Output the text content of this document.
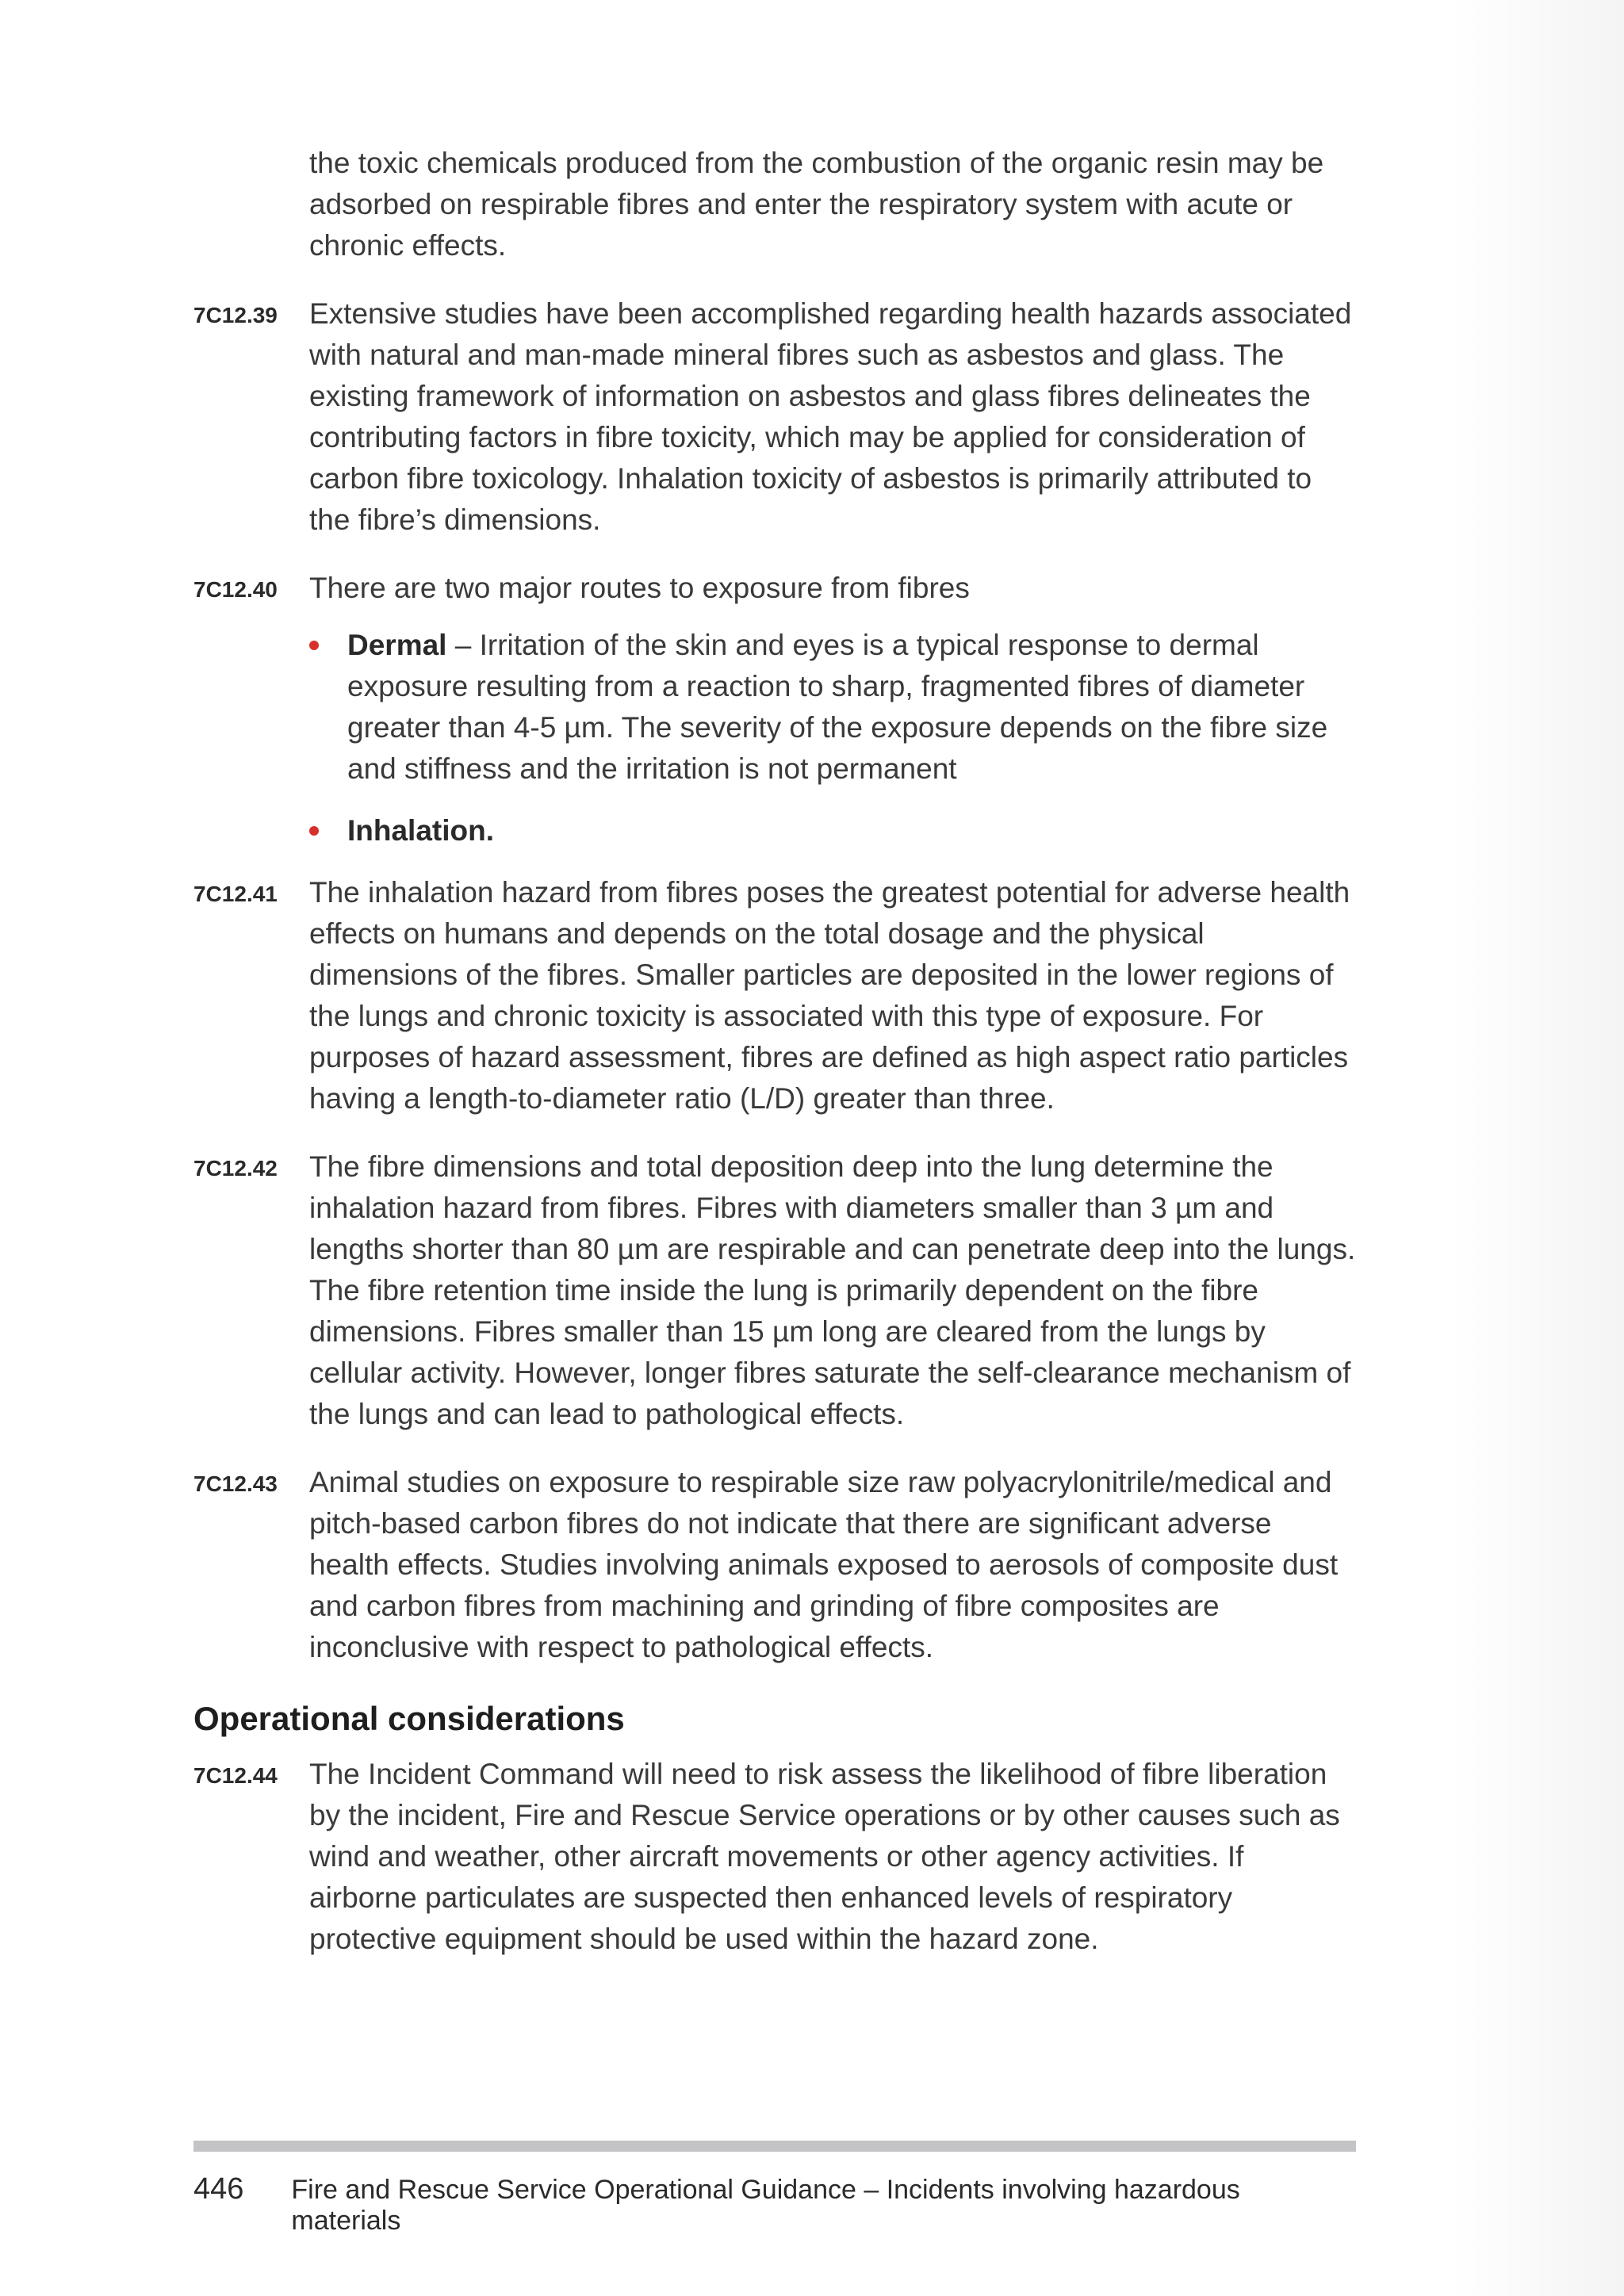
the toxic chemicals produced from the combustion of the organic resin may be adsorbed on respirable fibres and enter the respiratory system with acute or chronic effects.
7C12.39 Extensive studies have been accomplished regarding health hazards associated with natural and man-made mineral fibres such as asbestos and glass. The existing framework of information on asbestos and glass fibres delineates the contributing factors in fibre toxicity, which may be applied for consideration of carbon fibre toxicology. Inhalation toxicity of asbestos is primarily attributed to the fibre’s dimensions.
7C12.40 There are two major routes to exposure from fibres
Dermal – Irritation of the skin and eyes is a typical response to dermal exposure resulting from a reaction to sharp, fragmented fibres of diameter greater than 4-5 µm. The severity of the exposure depends on the fibre size and stiffness and the irritation is not permanent
Inhalation.
7C12.41 The inhalation hazard from fibres poses the greatest potential for adverse health effects on humans and depends on the total dosage and the physical dimensions of the fibres. Smaller particles are deposited in the lower regions of the lungs and chronic toxicity is associated with this type of exposure. For purposes of hazard assessment, fibres are defined as high aspect ratio particles having a length-to-diameter ratio (L/D) greater than three.
7C12.42 The fibre dimensions and total deposition deep into the lung determine the inhalation hazard from fibres. Fibres with diameters smaller than 3 µm and lengths shorter than 80 µm are respirable and can penetrate deep into the lungs. The fibre retention time inside the lung is primarily dependent on the fibre dimensions. Fibres smaller than 15 µm long are cleared from the lungs by cellular activity. However, longer fibres saturate the self-clearance mechanism of the lungs and can lead to pathological effects.
7C12.43 Animal studies on exposure to respirable size raw polyacrylonitrile/medical and pitch-based carbon fibres do not indicate that there are significant adverse health effects. Studies involving animals exposed to aerosols of composite dust and carbon fibres from machining and grinding of fibre composites are inconclusive with respect to pathological effects.
Operational considerations
7C12.44 The Incident Command will need to risk assess the likelihood of fibre liberation by the incident, Fire and Rescue Service operations or by other causes such as wind and weather, other aircraft movements or other agency activities. If airborne particulates are suspected then enhanced levels of respiratory protective equipment should be used within the hazard zone.
446 Fire and Rescue Service Operational Guidance – Incidents involving hazardous materials
